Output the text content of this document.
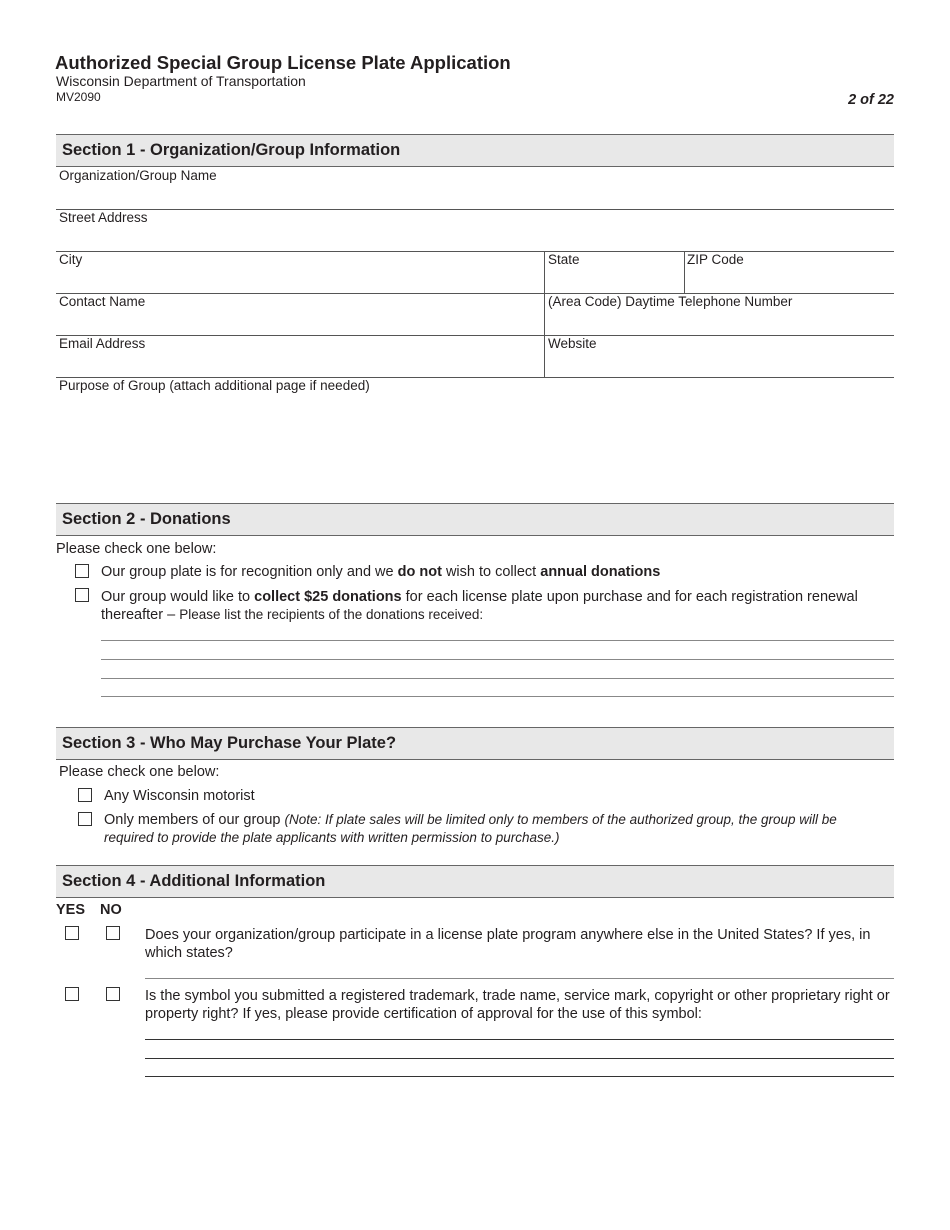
Authorized Special Group License Plate Application
Wisconsin Department of Transportation
MV2090	2 of 22
Section 1 - Organization/Group Information
Organization/Group Name
Street Address
City	State	ZIP Code
Contact Name	(Area Code) Daytime Telephone Number
Email Address	Website
Purpose of Group (attach additional page if needed)
Section 2 - Donations
Please check one below:
Our group plate is for recognition only and we do not wish to collect annual donations
Our group would like to collect $25 donations for each license plate upon purchase and for each registration renewal thereafter – Please list the recipients of the donations received:
Section 3 - Who May Purchase Your Plate?
Please check one below:
Any Wisconsin motorist
Only members of our group (Note: If plate sales will be limited only to members of the authorized group, the group will be required to provide the plate applicants with written permission to purchase.)
Section 4 - Additional Information
YES NO
Does your organization/group participate in a license plate program anywhere else in the United States? If yes, in which states?
Is the symbol you submitted a registered trademark, trade name, service mark, copyright or other proprietary right or property right? If yes, please provide certification of approval for the use of this symbol:
